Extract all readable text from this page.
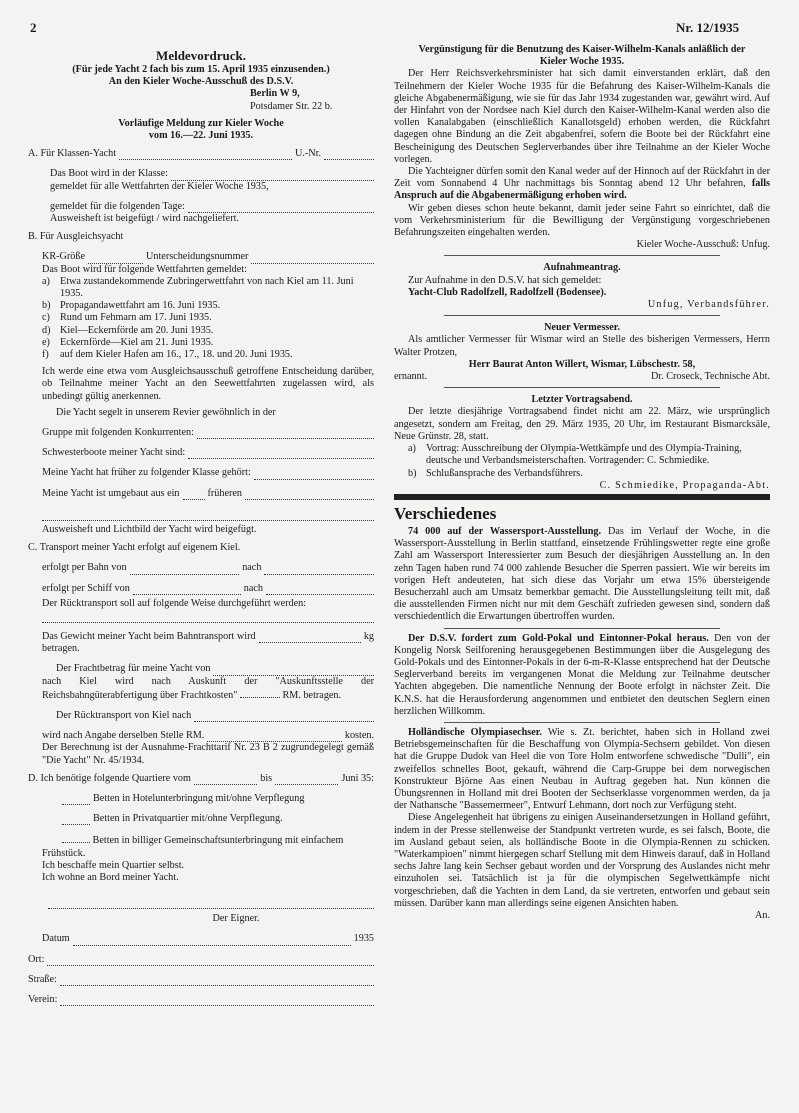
2	Nr. 12/1935
Meldevordruck.

(Für jede Yacht 2 fach bis zum 15. April 1935 einzusenden.)

An den Kieler Woche-Ausschuß des D.S.V.

Berlin W 9,

Potsdamer Str. 22 b.

Vorläufige Meldung zur Kieler Woche

vom 16.—22. Juni 1935.

A. Für Klassen-Yacht	U.-Nr.
Das Boot wird in der Klasse:

gemeldet für alle Wettfahrten der Kieler Woche 1935,

gemeldet für die folgenden Tage:

Ausweisheft ist beigefügt / wird nachgeliefert.

B. Für Ausgleichsyacht

KR-Größe	Unterscheidungsnummer

Das Boot wird für folgende Wettfahrten gemeldet:

a) Etwa zustandekommende Zubringerwettfahrt von nach Kiel am 11. Juni 1935.
b) Propagandawettfahrt am 16. Juni 1935.
c) Rund um Fehmarn am 17. Juni 1935.
d) Kiel—Eckernförde am 20. Juni 1935.
e) Eckernförde—Kiel am 21. Juni 1935.
f)	auf dem Kieler Hafen am 16., 17., 18. und 20. Juni 1935.

Ich werde eine etwa vom Ausgleichsausschuß getroffene Entscheidung darüber, ob Teilnahme meiner Yacht an den Seewettfahrten zugelassen wird, als unbedingt gültig anerkennen.

Die Yacht segelt in unserem Revier gewöhnlich in der

Gruppe mit folgenden Konkurrenten:
Schwesterboote meiner Yacht sind:
Meine Yacht hat früher zu folgender Klasse gehört:
Meine Yacht ist umgebaut aus ein	früheren

Ausweisheft und Lichtbild der Yacht wird beigefügt.

C. Transport meiner Yacht erfolgt auf eigenem Kiel.

erfolgt per Bahn von	nach
erfolgt per Schiff von	nach

Der Rücktransport soll auf folgende Weise durchgeführt werden:

Das Gewicht meiner Yacht beim Bahntransport wird	kg

betragen.

Der Frachtbetrag für meine Yacht von

nach Kiel wird nach Auskunft der "Auskunftsstelle der Reichsbahngüterabfertigung über Frachtkosten"	RM. betragen.

Der Rücktransport von Kiel nach
wird nach Angabe derselben Stelle RM.	kosten.

Der Berechnung ist der Ausnahme-Frachttarif Nr. 23 B 2 zugrundegelegt gemäß "Die Yacht" Nr. 45/1934.

D. Ich benötige folgende Quartiere vom	bis	Juni 35:
Betten in Hotelunterbringung mit/ohne Verpflegung
Betten in Privatquartier mit/ohne Verpflegung.
Betten in billiger Gemeinschaftsunterbringung mit einfachem Frühstück.

Ich beschaffe mein Quartier selbst.

Ich wohne an Bord meiner Yacht.

Der Eigner.

Datum	1935
Ort:
Straße:
Verein:

Vergünstigung für die Benutzung des Kaiser-Wilhelm-Kanals anläßlich der Kieler Woche 1935.

Der Herr Reichsverkehrsminister hat sich damit einverstanden erklärt, daß den Teilnehmern der Kieler Woche 1935 für die Befahrung des Kaiser-Wilhelm-Kanals die gleiche Abgabenermäßigung, wie sie für das Jahr 1934 zugestanden war, gewährt wird. Auf der Hinfahrt von der Nordsee nach Kiel durch den Kaiser-Wilhelm-Kanal werden also die vollen Kanalabgaben (einschließlich Kanallotsgeld) erhoben werden, die Rückfahrt dagegen ohne Bindung an die Zeit abgabenfrei, sofern die Boote bei der Rückfahrt eine Bescheinigung des Deutschen Seglerverbandes über ihre Teilnahme an der Kieler Woche vorlegen.

Die Yachteigner dürfen somit den Kanal weder auf der Hinnoch auf der Rückfahrt in der Zeit vom Sonnabend 4 Uhr nachmittags bis Sonntag abend 12 Uhr befahren, falls Anspruch auf die Abgabenermäßigung erhoben wird.

Wir geben dieses schon heute bekannt, damit jeder seine Fahrt so einrichtet, daß die vom Verkehrsministerium für die Bewilligung der Vergünstigung vorgeschriebenen Befahrungszeiten eingehalten werden.

Kieler Woche-Ausschuß: Unfug.

Aufnahmeantrag.

Zur Aufnahme in den D.S.V. hat sich gemeldet:

Yacht-Club Radolfzell, Radolfzell (Bodensee).

Unfug, Verbandsführer.

Neuer Vermesser.

Als amtlicher Vermesser für Wismar wird an Stelle des bisherigen Vermessers, Herrn Walter Protzen,

Herr Baurat Anton Willert, Wismar, Lübschestr. 58,

ernannt.	Dr. Croseck, Technische Abt.

Letzter Vortragsabend.

Der letzte diesjährige Vortragsabend findet nicht am 22. März, wie ursprünglich angesetzt, sondern am Freitag, den 29. März 1935, 20 Uhr, im Restaurant Bismarcksäle, Neue Grünstr. 28, statt.

a) Vortrag: Ausschreibung der Olympia-Wettkämpfe und des Olympia-Training, deutsche und Verbandsmeisterschaften. Vortragender: C. Schmiedike.
b) Schlußansprache des Verbandsführers.

C. Schmiedike, Propaganda-Abt.

Verschiedenes

74 000 auf der Wassersport-Ausstellung. Das im Verlauf der Woche, in die Wassersport-Ausstellung in Berlin stattfand, einsetzende Frühlingswetter regte eine große Zahl am Wassersport Interessierter zum Besuch der diesjährigen Ausstellung an. In den zehn Tagen haben rund 74 000 zahlende Besucher die Sperren passiert. Wie wir bereits im vorigen Heft andeuteten, hat sich diese das Vorjahr um etwa 15% übersteigende Besucherzahl auch am Umsatz bemerkbar gemacht. Die Ausstellungsleitung teilt mit, daß die ausstellenden Firmen nicht nur mit dem Geschäft zufrieden gewesen sind, sondern daß verschiedentlich die Erwartungen übertroffen wurden.

Der D.S.V. fordert zum Gold-Pokal und Eintonner-Pokal heraus. Den von der Kongelig Norsk Seilforening herausgegebenen Bestimmungen über die Ausgelegung des Gold-Pokals und des Eintonner-Pokals in der 6-m-R-Klasse entsprechend hat der Deutsche Seglerverband bereits im vergangenen Monat die Meldung zur Teilnahme deutscher Yachten abgegeben. Die namentliche Nennung der Boote erfolgt in nächster Zeit. Die K.N.S. hat die Herausforderung angenommen und entbietet den deutschen Seglern einen herzlichen Willkomm.

Holländische Olympiasechser. Wie s. Zt. berichtet, haben sich in Holland zwei Betriebsgemeinschaften für die Beschaffung von Olympia-Sechsern gebildet. Von diesen hat die Gruppe Dudok van Heel die von Tore Holm entworfene schwedische "Dulli", ein zweifellos schnelles Boot, gekauft, während die Carp-Gruppe bei dem norwegischen Konstrukteur Björne Aas einen Neubau in Auftrag gegeben hat. Nun können die Übungsrennen in Holland mit drei Booten der Sechserklasse vorgenommen werden, da ja der Nathansche "Bassemermeer", Entwurf Lehmann, dort noch zur Verfügung steht.

Diese Angelegenheit hat übrigens zu einigen Auseinandersetzungen in Holland geführt, indem in der Presse stellenweise der Standpunkt vertreten wurde, es sei falsch, Boote, die im Ausland gebaut seien, als holländische Boote in die Olympia-Rennen zu schicken. "Waterkampioen" nimmt hiergegen scharf Stellung mit dem Hinweis darauf, daß in Holland sechs Jahre lang kein Sechser gebaut worden und der Vorsprung des Auslandes nicht mehr einzuholen sei. Tatsächlich ist ja für die olympischen Segelwettkämpfe nicht vorgeschrieben, daß die Yachten in dem Land, da sie vertreten, entworfen und gebaut sein müssen. Darüber kann man allerdings seine eigenen Ansichten haben.

An.
